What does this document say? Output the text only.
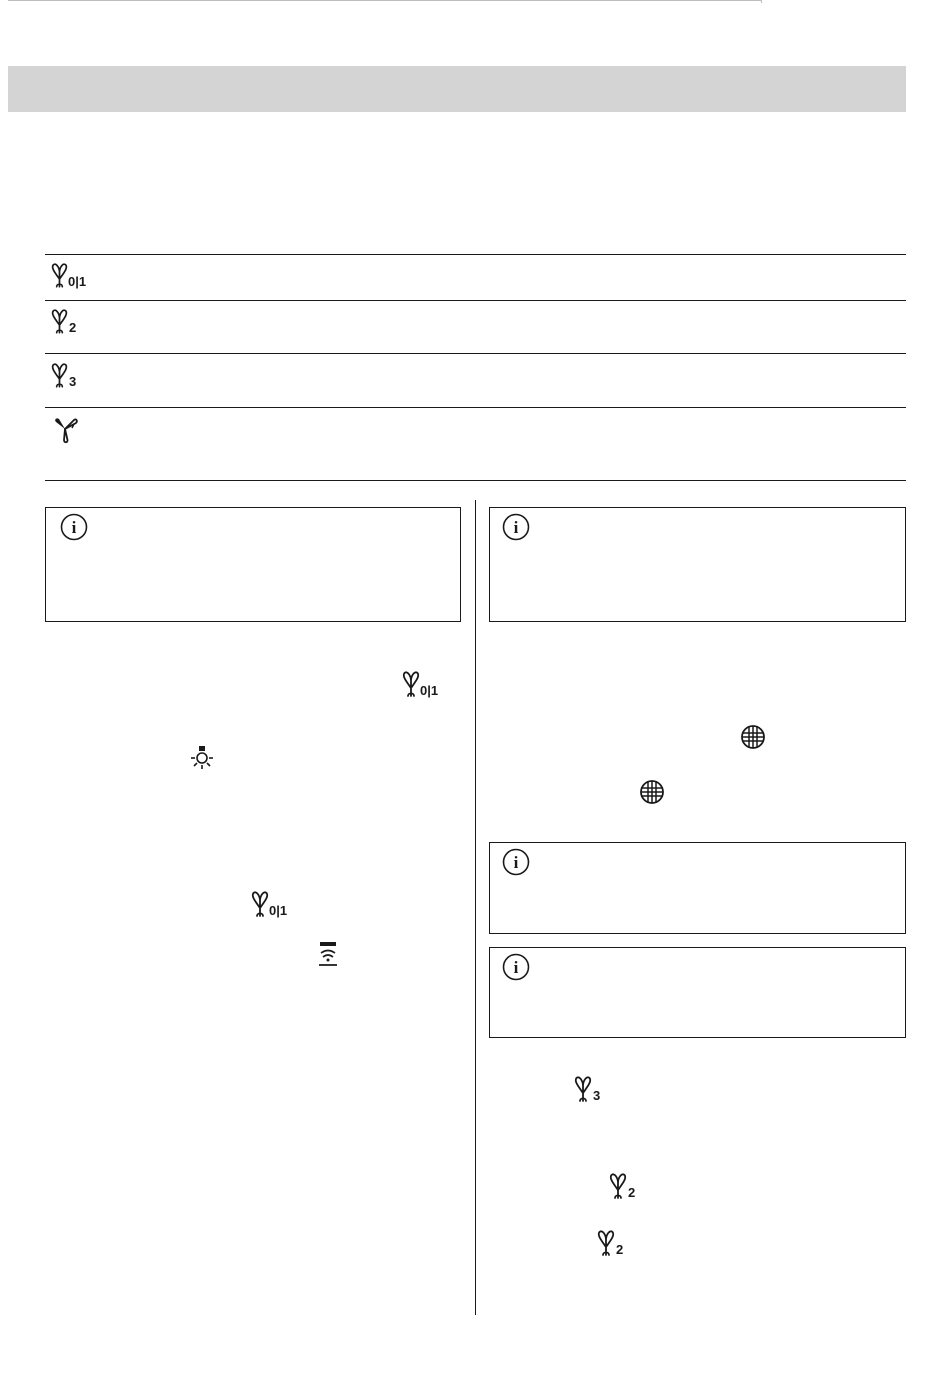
0|1
2
3
i
0|1
0|1
i
i
i
3
2
2
